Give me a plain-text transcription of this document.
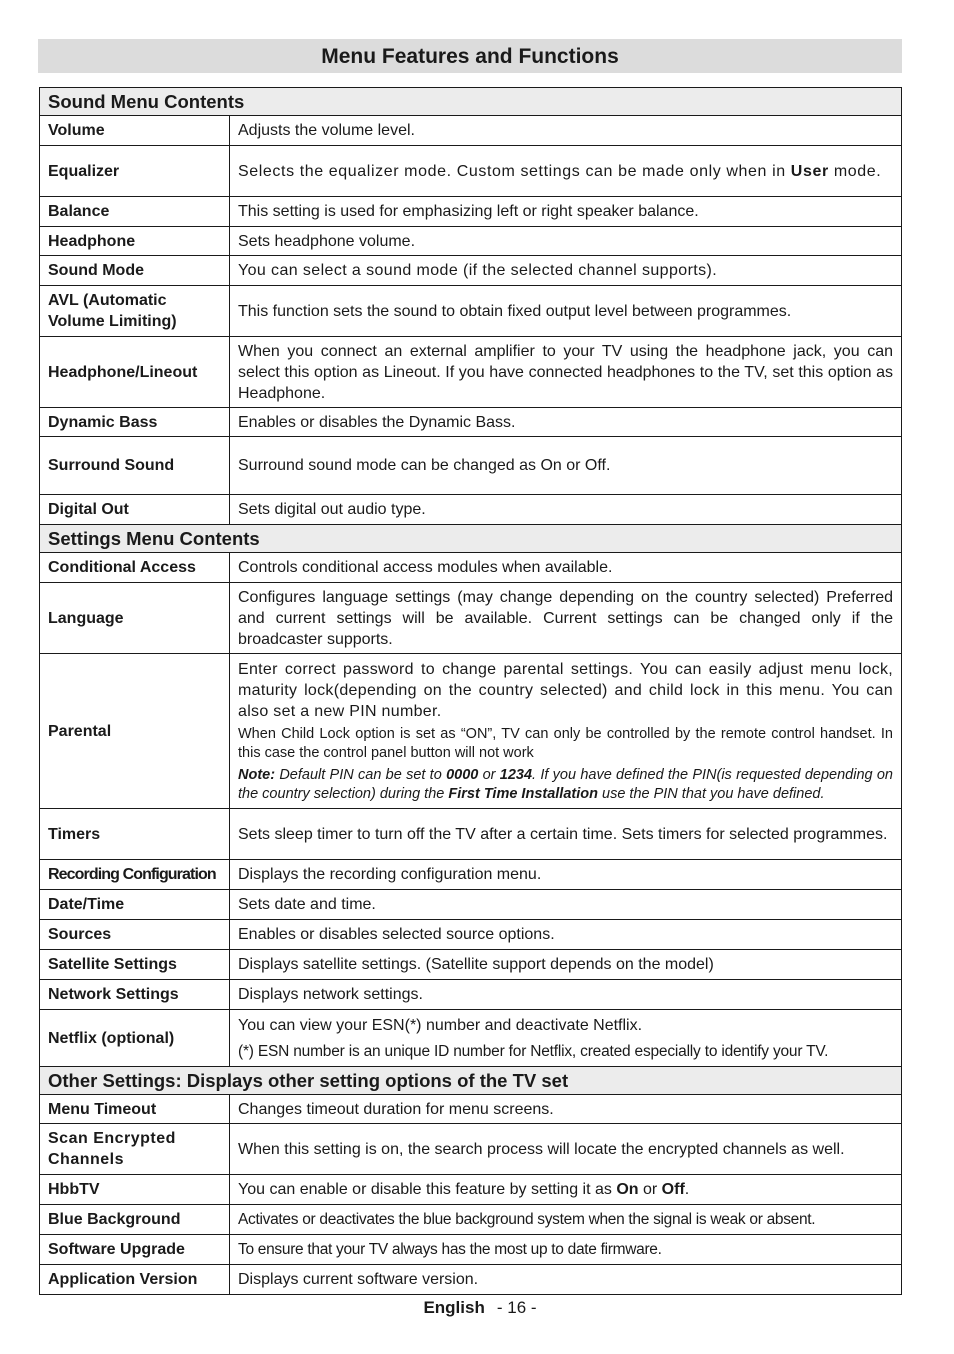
Menu Features and Functions
Sound Menu Contents	
Volume	Adjusts the volume level.
Equalizer	Selects the equalizer mode. Custom settings can be made only when in User mode.
Balance	This setting is used for emphasizing left or right speaker balance.
Headphone	Sets headphone volume.
Sound Mode	You can select a sound mode (if the selected channel supports).
AVL (Automatic Volume Limiting)	This function sets the sound to obtain fixed output level between programmes.
Headphone/Lineout	When you connect an external amplifier to your TV using the headphone jack, you can select this option as Lineout. If you have connected headphones to the TV, set this option as Headphone.
Dynamic Bass	Enables or disables the Dynamic Bass.
Surround Sound	Surround sound mode can be changed as On or Off.
Digital Out	Sets digital out audio type.
Settings Menu Contents	
Conditional Access	Controls conditional access modules when available.
Language	Configures language settings (may change depending on the country selected) Preferred and current settings will be available. Current settings can be changed only if the broadcaster supports.
Parental	Enter correct password to change parental settings. You can easily adjust menu lock, maturity lock(depending on the country selected) and child lock in this menu. You can also set a new PIN number.
When Child Lock option is set as “ON”, TV can only be controlled by the remote control handset. In this case the control panel button will not work
Note: Default PIN can be set to 0000 or 1234. If you have defined the PIN(is requested depending on the country selection) during the First Time Installation use the PIN that you have defined.

Timers	Sets sleep timer to turn off the TV after a certain time. Sets timers for selected programmes.
Recording Configuration	Displays the recording configuration menu.
Date/Time	Sets date and time.
Sources	Enables or disables selected source options.
Satellite Settings	Displays satellite settings. (Satellite support depends on the model)
Network Settings	Displays network settings.
Netflix (optional)	You can view your ESN(*) number and deactivate Netflix.
(*) ESN number is an unique ID number for Netflix, created especially to identify your TV.

Other Settings: Displays other setting options of the TV set	
Menu Timeout	Changes timeout duration for menu screens.
Scan Encrypted Channels	When this setting is on, the search process will locate the encrypted channels as well.
HbbTV	You can enable or disable this feature by setting it as On or Off.
Blue Background	Activates or deactivates the blue background system when the signal is weak or absent.
Software Upgrade	To ensure that your TV always has the most up to date firmware.
Application Version	Displays current software version.
English - 16 -
